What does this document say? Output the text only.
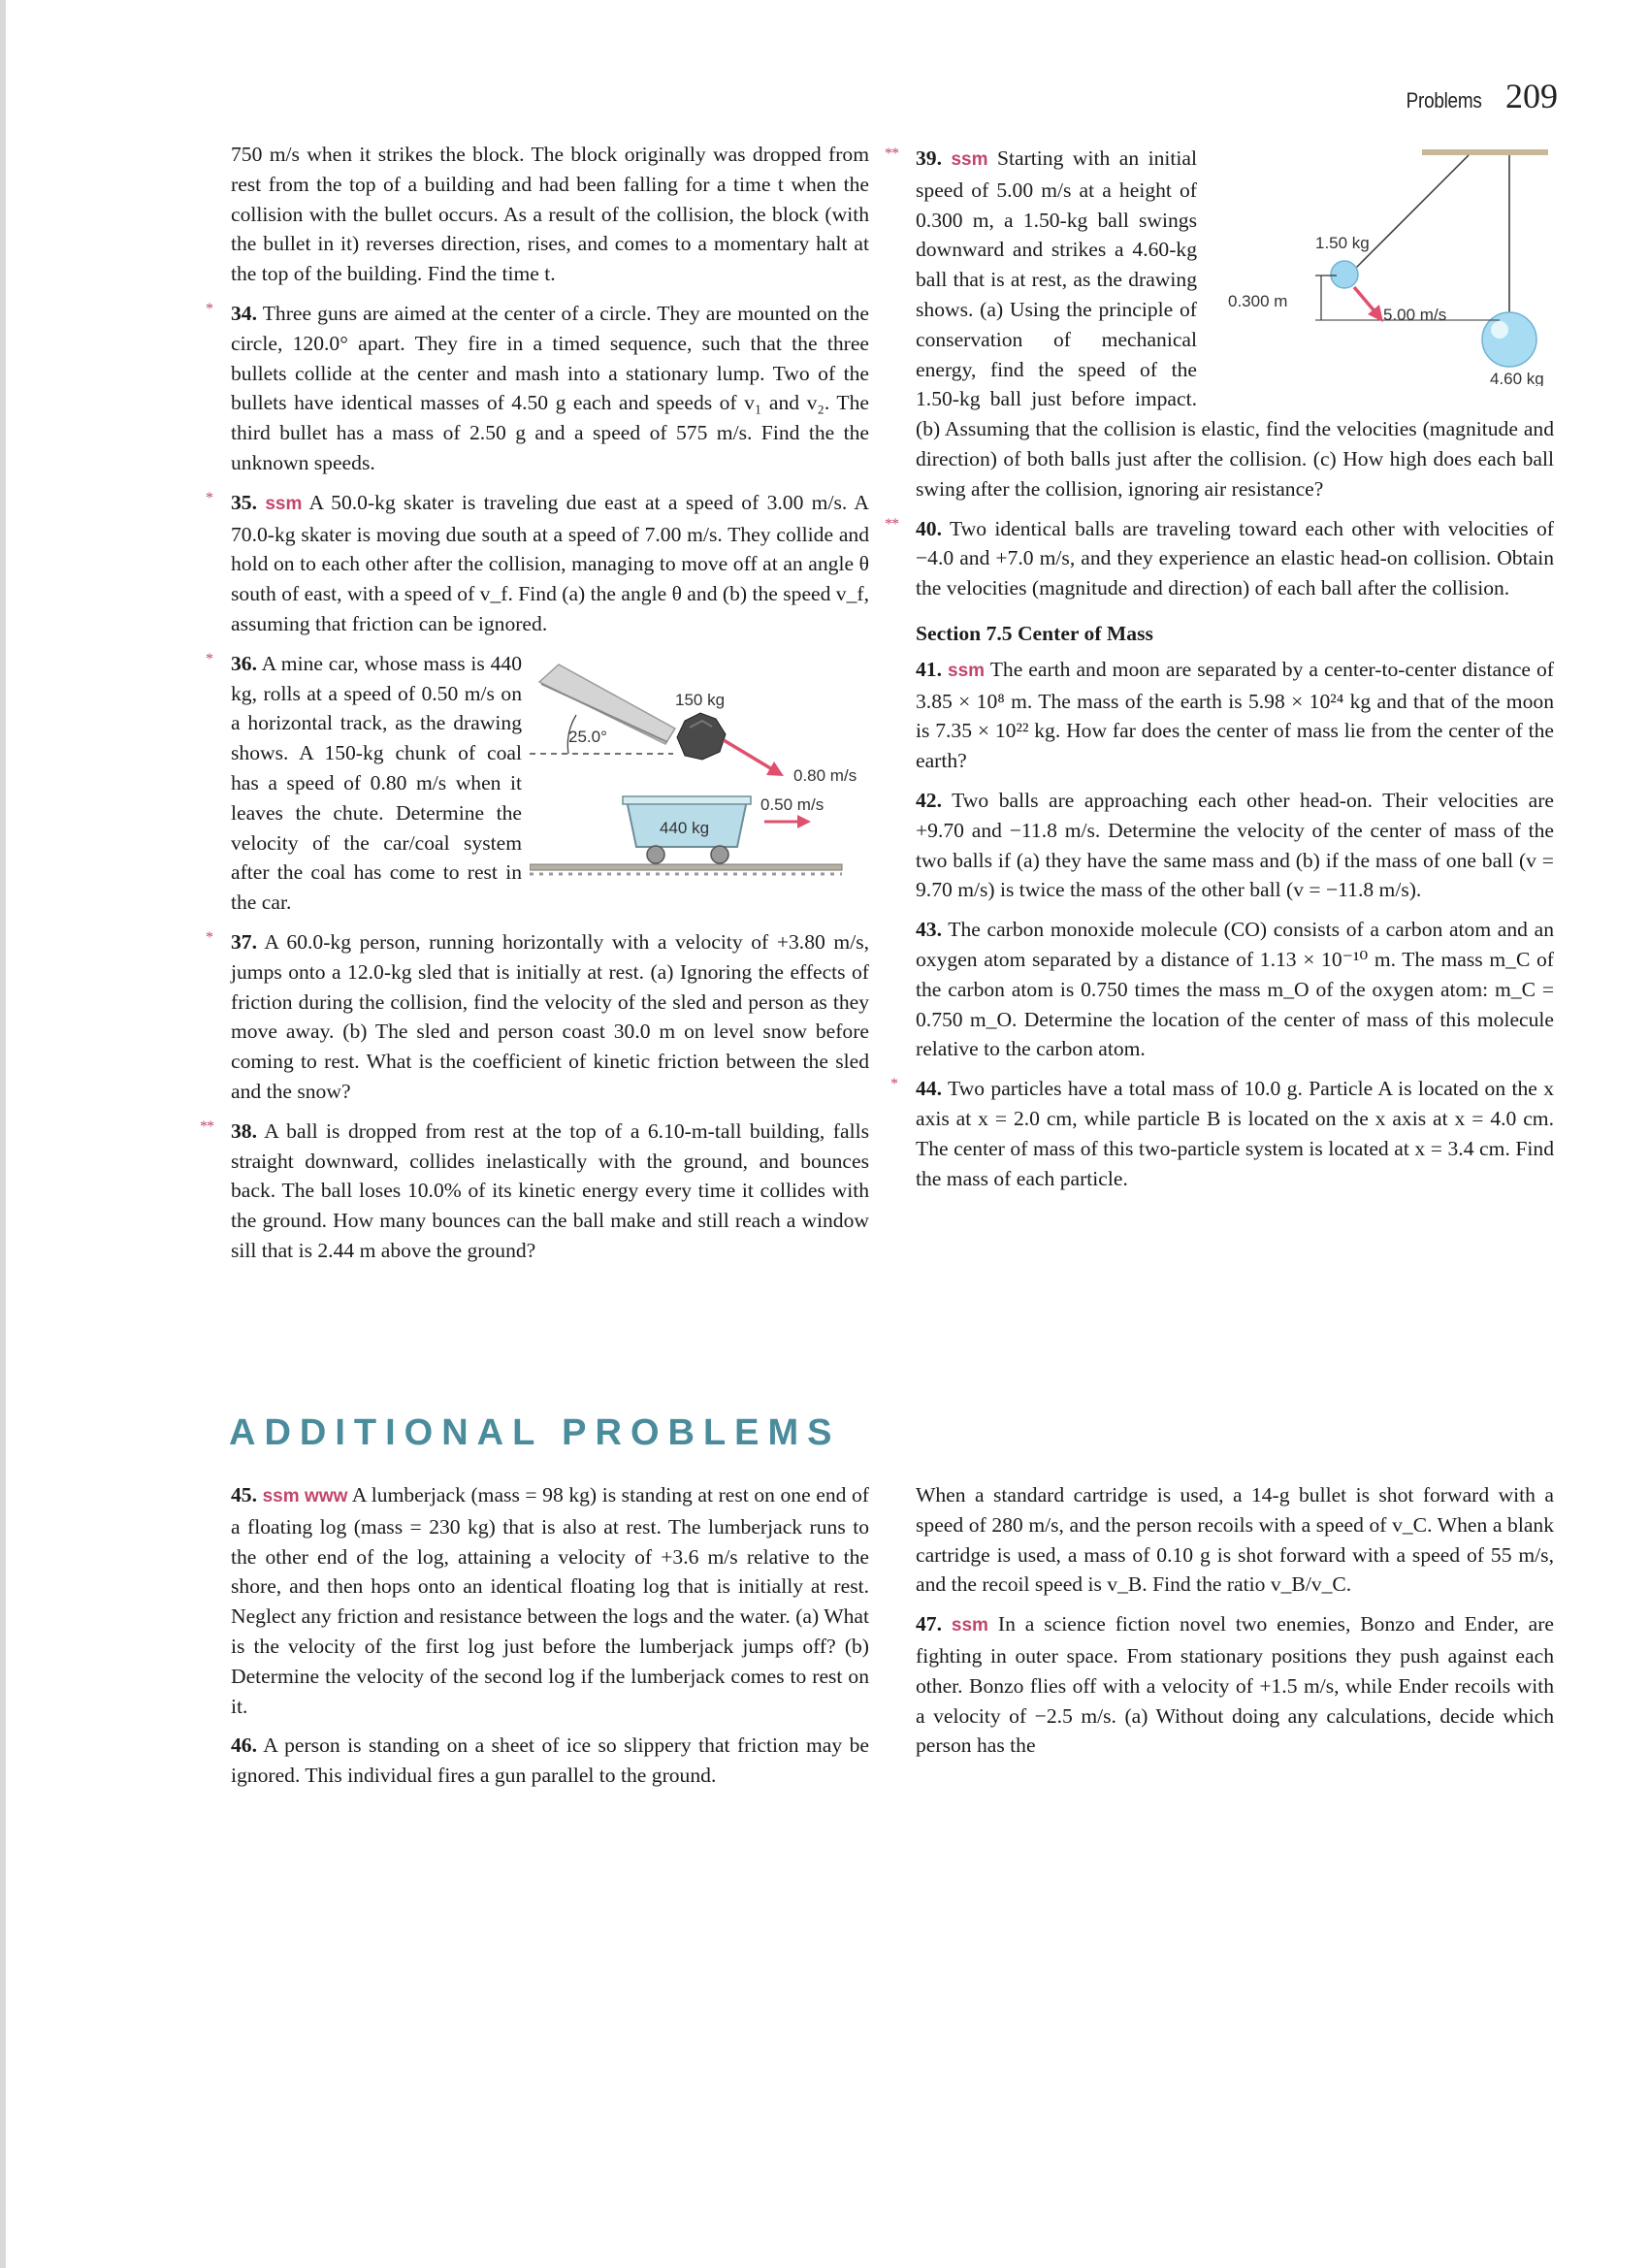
Problems 209

750 m/s when it strikes the block. The block originally was dropped from rest from the top of a building and had been falling for a time t when the collision with the bullet occurs. As a result of the collision, the block (with the bullet in it) reverses direction, rises, and comes to a momentary halt at the top of the building. Find the time t.

* 34. Three guns are aimed at the center of a circle. They are mounted on the circle, 120.0° apart. They fire in a timed sequence, such that the three bullets collide at the center and mash into a stationary lump. Two of the bullets have identical masses of 4.50 g each and speeds of v₁ and v₂. The third bullet has a mass of 2.50 g and a speed of 575 m/s. Find the the unknown speeds.

* 35. ssm A 50.0-kg skater is traveling due east at a speed of 3.00 m/s. A 70.0-kg skater is moving due south at a speed of 7.00 m/s. They collide and hold on to each other after the collision, managing to move off at an angle θ south of east, with a speed of v_f. Find (a) the angle θ and (b) the speed v_f, assuming that friction can be ignored.

25.0°
150 kg
0.80 m/s
440 kg
0.50 m/s
* 36. A mine car, whose mass is 440 kg, rolls at a speed of 0.50 m/s on a horizontal track, as the drawing shows. A 150-kg chunk of coal has a speed of 0.80 m/s when it leaves the chute. Determine the velocity of the car/coal system after the coal has come to rest in the car.

* 37. A 60.0-kg person, running horizontally with a velocity of +3.80 m/s, jumps onto a 12.0-kg sled that is initially at rest. (a) Ignoring the effects of friction during the collision, find the velocity of the sled and person as they move away. (b) The sled and person coast 30.0 m on level snow before coming to rest. What is the coefficient of kinetic friction between the sled and the snow?

** 38. A ball is dropped from rest at the top of a 6.10-m-tall building, falls straight downward, collides inelastically with the ground, and bounces back. The ball loses 10.0% of its kinetic energy every time it collides with the ground. How many bounces can the ball make and still reach a window sill that is 2.44 m above the ground?

1.50 kg
0.300 m
5.00 m/s
4.60 kg
** 39. ssm Starting with an initial speed of 5.00 m/s at a height of 0.300 m, a 1.50-kg ball swings downward and strikes a 4.60-kg ball that is at rest, as the drawing shows. (a) Using the principle of conservation of mechanical energy, find the speed of the 1.50-kg ball just before impact. (b) Assuming that the collision is elastic, find the velocities (magnitude and direction) of both balls just after the collision. (c) How high does each ball swing after the collision, ignoring air resistance?

** 40. Two identical balls are traveling toward each other with velocities of −4.0 and +7.0 m/s, and they experience an elastic head-on collision. Obtain the velocities (magnitude and direction) of each ball after the collision.

Section 7.5 Center of Mass

41. ssm The earth and moon are separated by a center-to-center distance of 3.85 × 10⁸ m. The mass of the earth is 5.98 × 10²⁴ kg and that of the moon is 7.35 × 10²² kg. How far does the center of mass lie from the center of the earth?

42. Two balls are approaching each other head-on. Their velocities are +9.70 and −11.8 m/s. Determine the velocity of the center of mass of the two balls if (a) they have the same mass and (b) if the mass of one ball (v = 9.70 m/s) is twice the mass of the other ball (v = −11.8 m/s).

43. The carbon monoxide molecule (CO) consists of a carbon atom and an oxygen atom separated by a distance of 1.13 × 10⁻¹⁰ m. The mass m_C of the carbon atom is 0.750 times the mass m_O of the oxygen atom: m_C = 0.750 m_O. Determine the location of the center of mass of this molecule relative to the carbon atom.

* 44. Two particles have a total mass of 10.0 g. Particle A is located on the x axis at x = 2.0 cm, while particle B is located on the x axis at x = 4.0 cm. The center of mass of this two-particle system is located at x = 3.4 cm. Find the mass of each particle.

ADDITIONAL PROBLEMS

45. ssm www A lumberjack (mass = 98 kg) is standing at rest on one end of a floating log (mass = 230 kg) that is also at rest. The lumberjack runs to the other end of the log, attaining a velocity of +3.6 m/s relative to the shore, and then hops onto an identical floating log that is initially at rest. Neglect any friction and resistance between the logs and the water. (a) What is the velocity of the first log just before the lumberjack jumps off? (b) Determine the velocity of the second log if the lumberjack comes to rest on it.

46. A person is standing on a sheet of ice so slippery that friction may be ignored. This individual fires a gun parallel to the ground.

When a standard cartridge is used, a 14-g bullet is shot forward with a speed of 280 m/s, and the person recoils with a speed of v_C. When a blank cartridge is used, a mass of 0.10 g is shot forward with a speed of 55 m/s, and the recoil speed is v_B. Find the ratio v_B/v_C.

47. ssm In a science fiction novel two enemies, Bonzo and Ender, are fighting in outer space. From stationary positions they push against each other. Bonzo flies off with a velocity of +1.5 m/s, while Ender recoils with a velocity of −2.5 m/s. (a) Without doing any calculations, decide which person has the
